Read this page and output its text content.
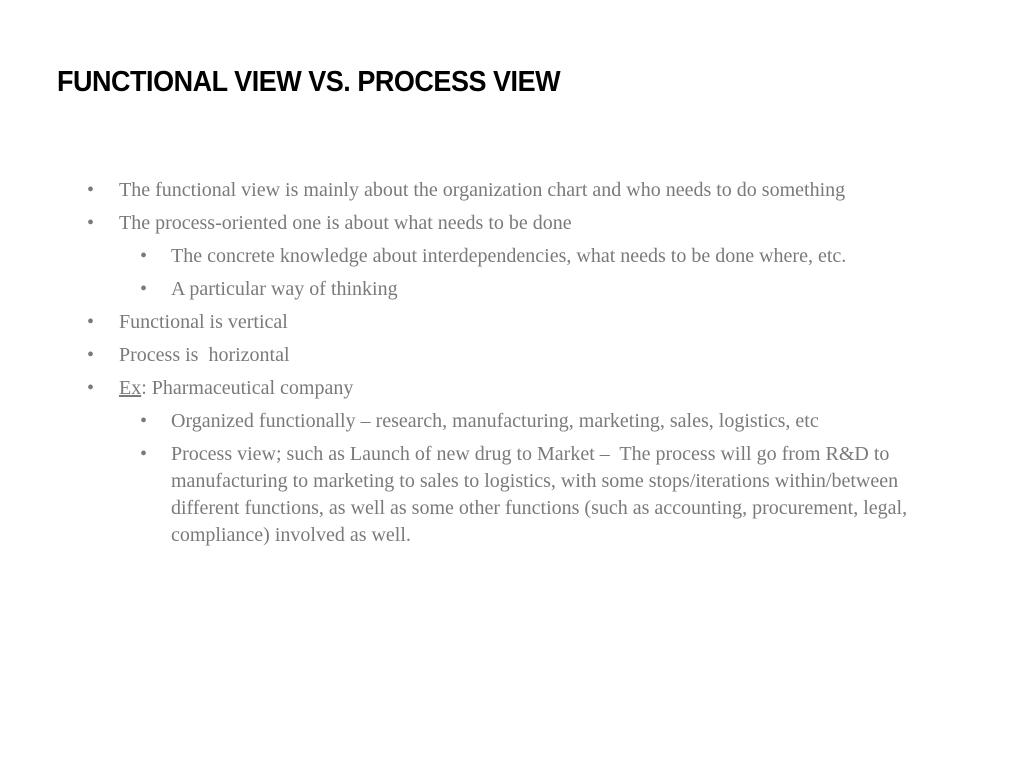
FUNCTIONAL VIEW VS. PROCESS VIEW
• The functional view is mainly about the organization chart and who needs to do something
• The process-oriented one is about what needs to be done
• The concrete knowledge about interdependencies, what needs to be done where, etc.
• A particular way of thinking
• Functional is vertical
• Process is  horizontal
• Ex: Pharmaceutical company
• Organized functionally – research, manufacturing, marketing, sales, logistics, etc
• Process view; such as Launch of new drug to Market –  The process will go from R&D to manufacturing to marketing to sales to logistics, with some stops/iterations within/between different functions, as well as some other functions (such as accounting, procurement, legal, compliance) involved as well.
